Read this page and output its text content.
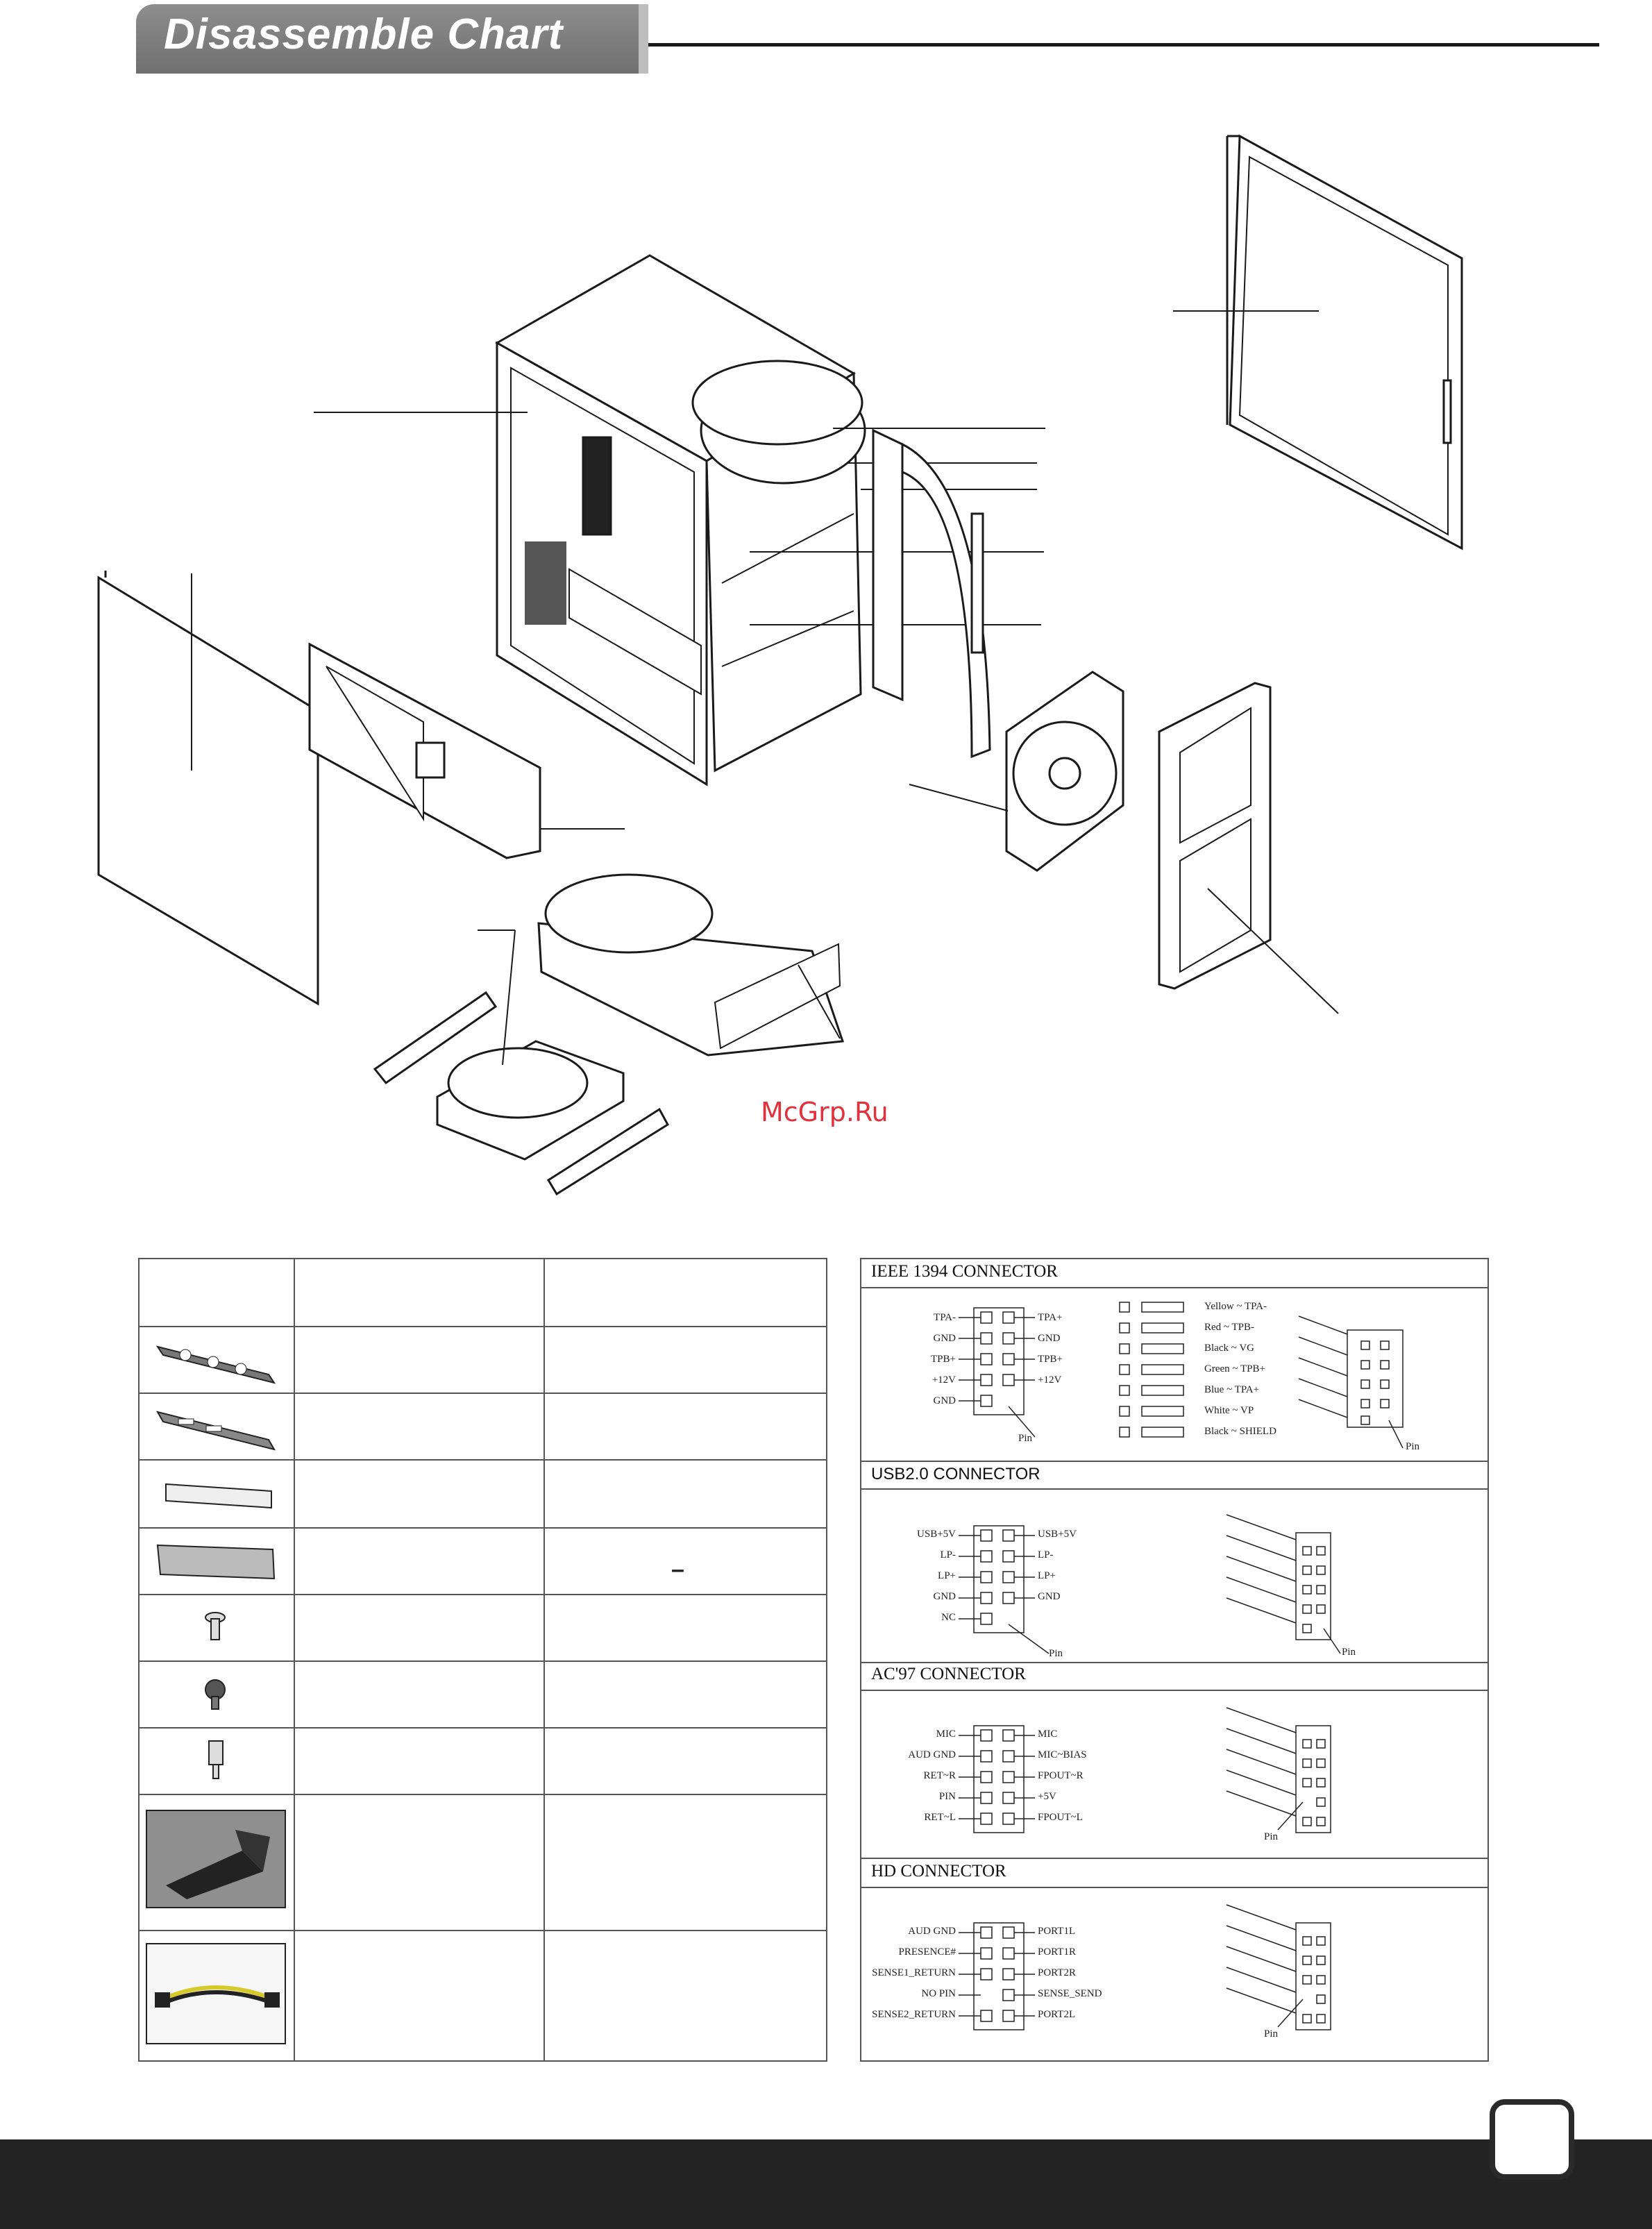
Disassemble Chart
McGrp.Ru
–
IEEE 1394 CONNECTOR
TPA-
GND
TPB+
+12V
GND
TPA+
GND
TPB+
+12V
Pin
Yellow ~ TPA-
Red ~ TPB-
Black ~ VG
Green ~ TPB+
Blue ~ TPA+
White ~ VP
Black ~ SHIELD
Pin
USB2.0 CONNECTOR
USB+5V
LP-
LP+
GND
NC
USB+5V
LP-
LP+
GND
Pin	Pin
AC'97 CONNECTOR
MIC
AUD GND
RET~R
PIN
RET~L
MIC
MIC~BIAS
FPOUT~R
+5V
FPOUT~L
Pin
HD CONNECTOR
AUD GND
PRESENCE#
SENSE1_RETURN
NO PIN
SENSE2_RETURN
PORT1L
PORT1R
PORT2R
SENSE_SEND
PORT2L
Pin
